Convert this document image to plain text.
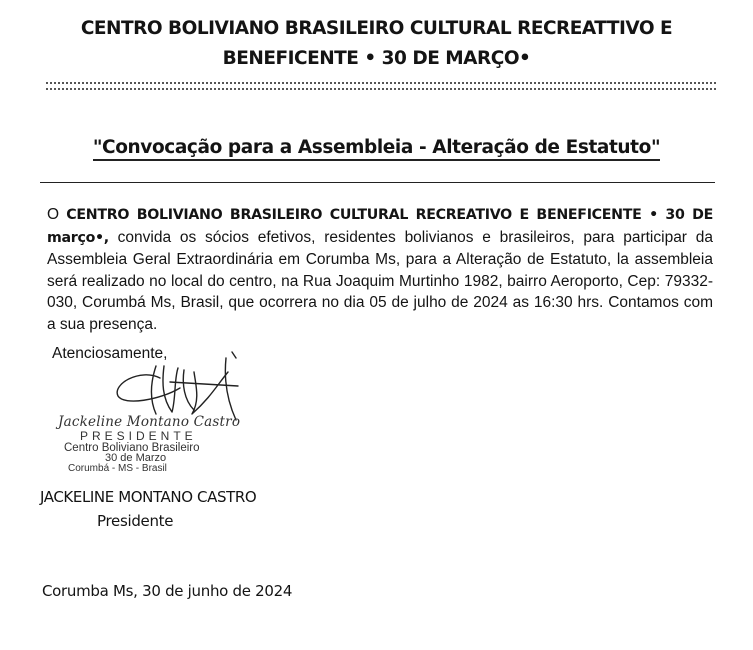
CENTRO BOLIVIANO BRASILEIRO CULTURAL RECREATTIVO E
BENEFICENTE • 30 DE MARÇO•
"Convocação para a Assembleia - Alteração de Estatuto"
O CENTRO BOLIVIANO BRASILEIRO CULTURAL RECREATIVO E BENEFICENTE • 30 DE março•, convida os sócios efetivos, residentes bolivianos e brasileiros, para participar da Assembleia Geral Extraordinária em Corumba Ms, para a Alteração de Estatuto, la assembleia será realizado no local do centro, na Rua Joaquim Murtinho 1982, bairro Aeroporto, Cep: 79332-030, Corumbá Ms, Brasil, que ocorrera no dia 05 de julho de 2024 as 16:30 hrs. Contamos com a sua presença.
Atenciosamente,
Jackeline Montano Castro
PRESIDENTE
Centro Boliviano Brasileiro
30 de Marzo
Corumbá - MS - Brasil
JACKELINE MONTANO CASTRO
Presidente
Corumba Ms, 30 de junho de 2024
